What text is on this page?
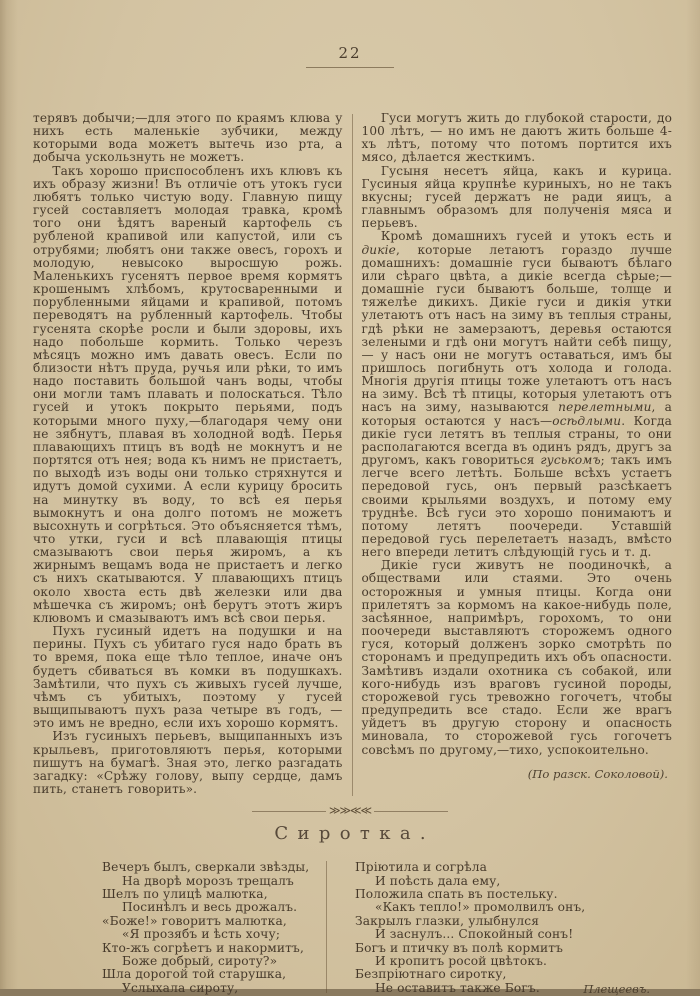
22

терявъ добычи;—для этого по краямъ клюва у нихъ есть маленькіе зубчики, между которыми вода можетъ вытечь изо рта, а добыча ускользнуть не можетъ.

Такъ хорошо приспособленъ ихъ клювъ къ ихъ образу жизни! Въ отличіе отъ утокъ гуси любятъ только чистую воду. Главную пищу гусей составляетъ молодая травка, кромѣ того они ѣдятъ вареный картофель съ рубленой крапивой или капустой, или съ отрубями; любятъ они также овесъ, горохъ и молодую, невысоко выросшую рожь. Маленькихъ гусенятъ первое время кормятъ крошенымъ хлѣбомъ, крутосваренными и порубленными яйцами и крапивой, потомъ переводятъ на рубленный картофель. Чтобы гусенята скорѣе росли и были здоровы, ихъ надо побольше кормить. Только черезъ мѣсяцъ можно имъ давать овесъ. Если по близости нѣтъ пруда, ручья или рѣки, то имъ надо поставить большой чанъ воды, чтобы они могли тамъ плавать и полоскаться. Тѣло гусей и утокъ покрыто перьями, подъ которыми много пуху,—благодаря чему они не зябнутъ, плавая въ холодной водѣ. Перья плавающихъ птицъ въ водѣ не мокнутъ и не портятся отъ нея; вода къ нимъ не пристаетъ, по выходѣ изъ воды они только стряхнутся и идутъ домой сухими. А если курицу бросить на минутку въ воду, то всѣ ея перья вымокнутъ и она долго потомъ не можетъ высохнуть и согрѣться. Это объясняется тѣмъ, что утки, гуси и всѣ плавающія птицы смазываютъ свои перья жиромъ, а къ жирнымъ вещамъ вода не пристаетъ и легко съ нихъ скатываются. У плавающихъ птицъ около хвоста есть двѣ железки или два мѣшечка съ жиромъ; онѣ берутъ этотъ жиръ клювомъ и смазываютъ имъ всѣ свои перья.

Пухъ гусиный идетъ на подушки и на перины. Пухъ съ убитаго гуся надо брать въ то время, пока еще тѣло теплое, иначе онъ будетъ сбиваться въ комки въ подушкахъ. Замѣтили, что пухъ съ живыхъ гусей лучше, чѣмъ съ убитыхъ, поэтому у гусей выщипываютъ пухъ раза четыре въ годъ, — это имъ не вредно, если ихъ хорошо кормятъ.

Изъ гусиныхъ перьевъ, выщипанныхъ изъ крыльевъ, приготовляютъ перья, которыми пишутъ на бумагѣ. Зная это, легко разгадать загадку: «Срѣжу голову, выпу сердце, дамъ пить, станетъ говорить».

Гуси могутъ жить до глубокой старости, до 100 лѣтъ, — но имъ не даютъ жить больше 4-хъ лѣтъ, потому что потомъ портится ихъ мясо, дѣлается жесткимъ.

Гусыня несетъ яйца, какъ и курица. Гусиныя яйца крупнѣе куриныхъ, но не такъ вкусны; гусей держатъ не ради яицъ, а главнымъ образомъ для полученія мяса и перьевъ.

Кромѣ домашнихъ гусей и утокъ есть и дикіе, которые летаютъ гораздо лучше домашнихъ: домашніе гуси бываютъ бѣлаго или сѣраго цвѣта, а дикіе всегда сѣрые;—домашніе гуси бываютъ больше, толще и тяжелѣе дикихъ. Дикіе гуси и дикія утки улетаютъ отъ насъ на зиму въ теплыя страны, гдѣ рѣки не замерзаютъ, деревья остаются зелеными и гдѣ они могутъ найти себѣ пищу, — у насъ они не могутъ оставаться, имъ бы пришлось погибнуть отъ холода и голода. Многія другія птицы тоже улетаютъ отъ насъ на зиму. Всѣ тѣ птицы, которыя улетаютъ отъ насъ на зиму, называются перелетными, а которыя остаются у насъ—осѣдлыми. Когда дикіе гуси летятъ въ теплыя страны, то они располагаются всегда въ одинъ рядъ, другъ за другомъ, какъ говориться гуськомъ; такъ имъ легче всего летѣть. Больше всѣхъ устаетъ передовой гусь, онъ первый разсѣкаетъ своими крыльями воздухъ, и потому ему труднѣе. Всѣ гуси это хорошо понимаютъ и потому летятъ поочереди. Уставшій передовой гусь перелетаетъ назадъ, вмѣсто него впереди летитъ слѣдующій гусь и т. д.

Дикіе гуси живутъ не поодиночкѣ, а обществами или стаями. Это очень осторожныя и умныя птицы. Когда они прилетятъ за кормомъ на какое-нибудь поле, засѣянное, напримѣръ, горохомъ, то они поочереди выставляютъ сторожемъ одного гуся, который долженъ зорко смотрѣть по сторонамъ и предупредить ихъ объ опасности. Замѣтивъ издали охотника съ собакой, или кого-нибудь изъ враговъ гусиной породы, сторожевой гусь тревожно гогочетъ, чтобы предупредить все стадо. Если же врагъ уйдетъ въ другую сторону и опасность миновала, то сторожевой гусь гогочетъ совсѣмъ по другому,—тихо, успокоительно.

(По разск. Соколовой).
≫≫≪≪
Сиротка.
Вечеръ былъ, сверкали звѣзды,
На дворѣ морозъ трещалъ
Шелъ по улицѣ малютка,
Посинѣлъ и весь дрожалъ.
«Боже!» говоритъ малютка,
«Я прозябъ и ѣсть хочу;
Кто-жъ согрѣетъ и накормитъ,
Боже добрый, сироту?»
Шла дорогой той старушка,
Услыхала сироту,
Пріютила и согрѣла
И поѣсть дала ему,
Положила спать въ постельку.
«Какъ тепло!» промолвилъ онъ,
Закрылъ глазки, улыбнулся
И заснулъ... Спокойный сонъ!
Богъ и птичку въ полѣ кормитъ
И кропитъ росой цвѣтокъ.
Безпріютнаго сиротку,
Не оставитъ также Богъ.	Плещеевъ.
